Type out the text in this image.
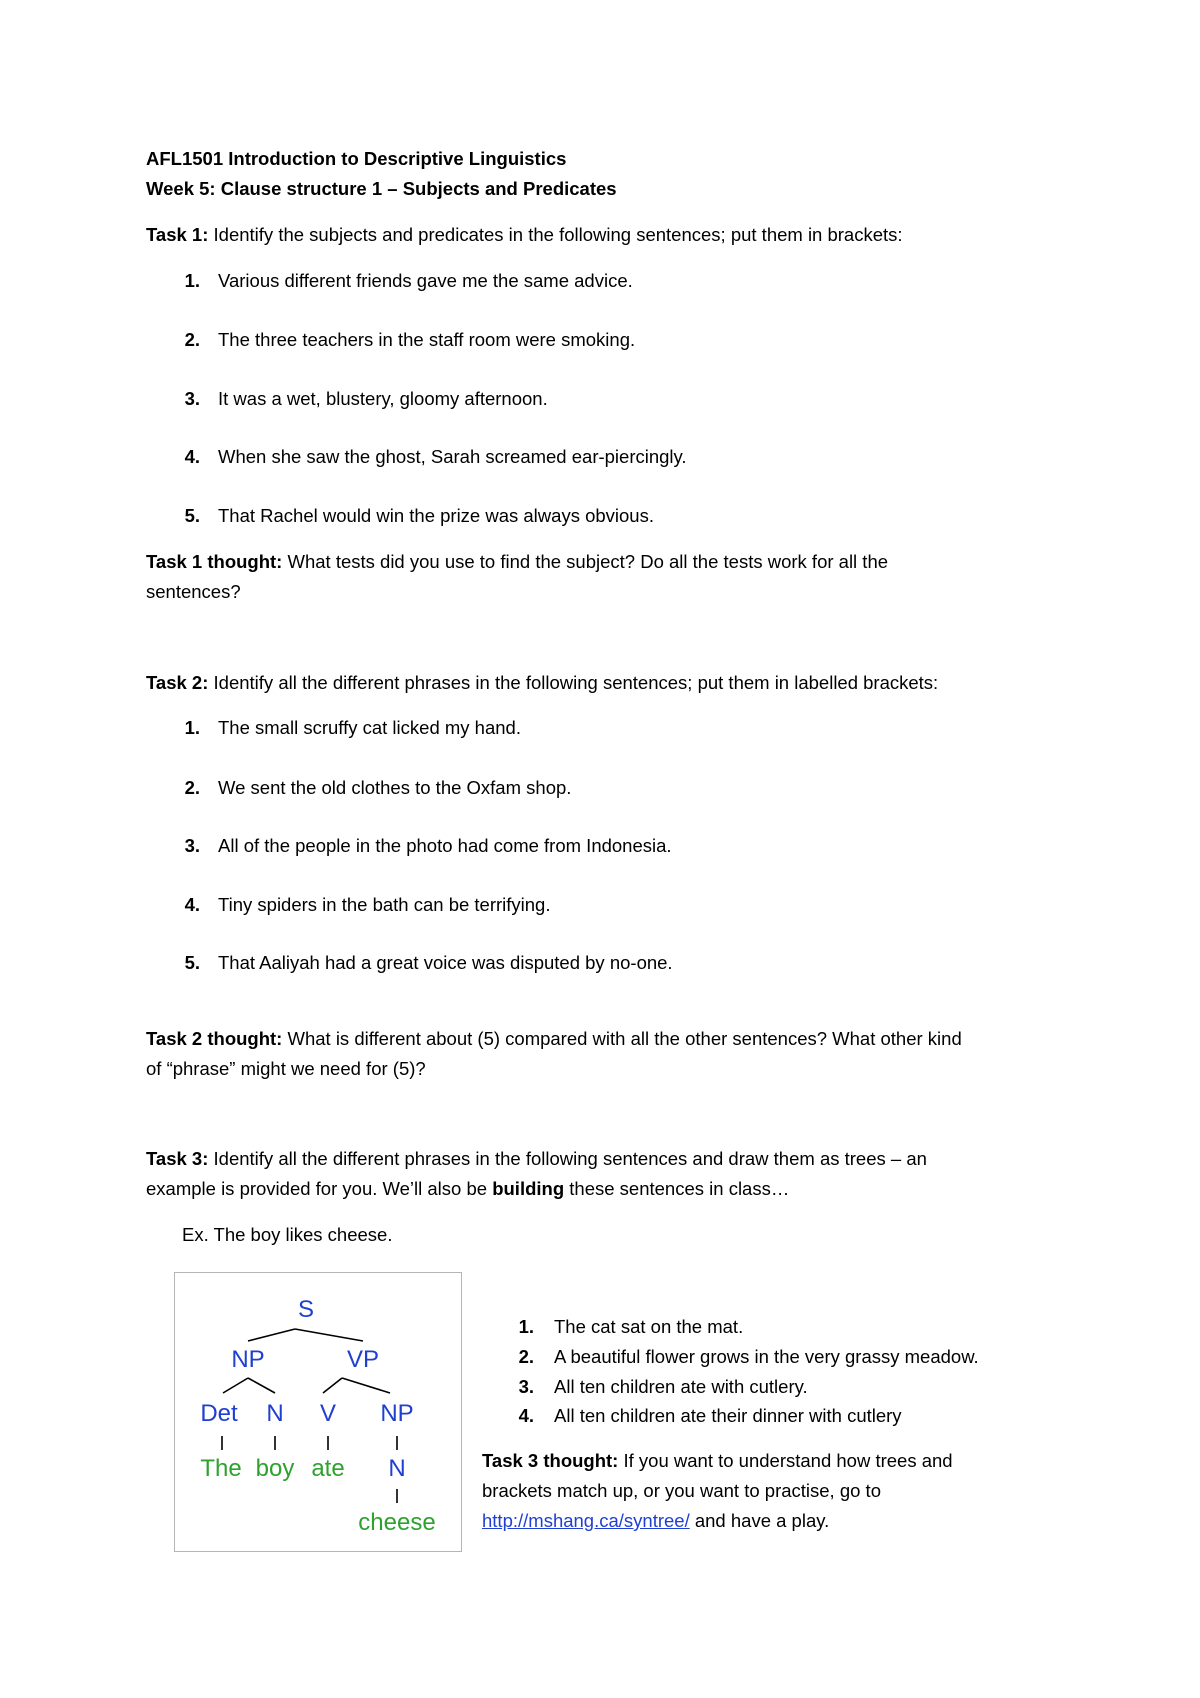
AFL1501 Introduction to Descriptive Linguistics
Week 5: Clause structure 1 – Subjects and Predicates
Task 1: Identify the subjects and predicates in the following sentences; put them in brackets:
1. Various different friends gave me the same advice.
2. The three teachers in the staff room were smoking.
3. It was a wet, blustery, gloomy afternoon.
4. When she saw the ghost, Sarah screamed ear-piercingly.
5. That Rachel would win the prize was always obvious.
Task 1 thought: What tests did you use to find the subject? Do all the tests work for all the
sentences?
Task 2: Identify all the different phrases in the following sentences; put them in labelled brackets:
1. The small scruffy cat licked my hand.
2. We sent the old clothes to the Oxfam shop.
3. All of the people in the photo had come from Indonesia.
4. Tiny spiders in the bath can be terrifying.
5. That Aaliyah had a great voice was disputed by no-one.
Task 2 thought: What is different about (5) compared with all the other sentences? What other kind
of “phrase” might we need for (5)?
Task 3: Identify all the different phrases in the following sentences and draw them as trees – an
example is provided for you. We’ll also be building these sentences in class…
Ex. The boy likes cheese.
S
NP	VP
Det N V NP
The boy ate N
cheese
1. The cat sat on the mat.
2. A beautiful flower grows in the very grassy meadow.
3. All ten children ate with cutlery.
4. All ten children ate their dinner with cutlery
Task 3 thought: If you want to understand how trees and
brackets match up, or you want to practise, go to
http://mshang.ca/syntree/ and have a play.
